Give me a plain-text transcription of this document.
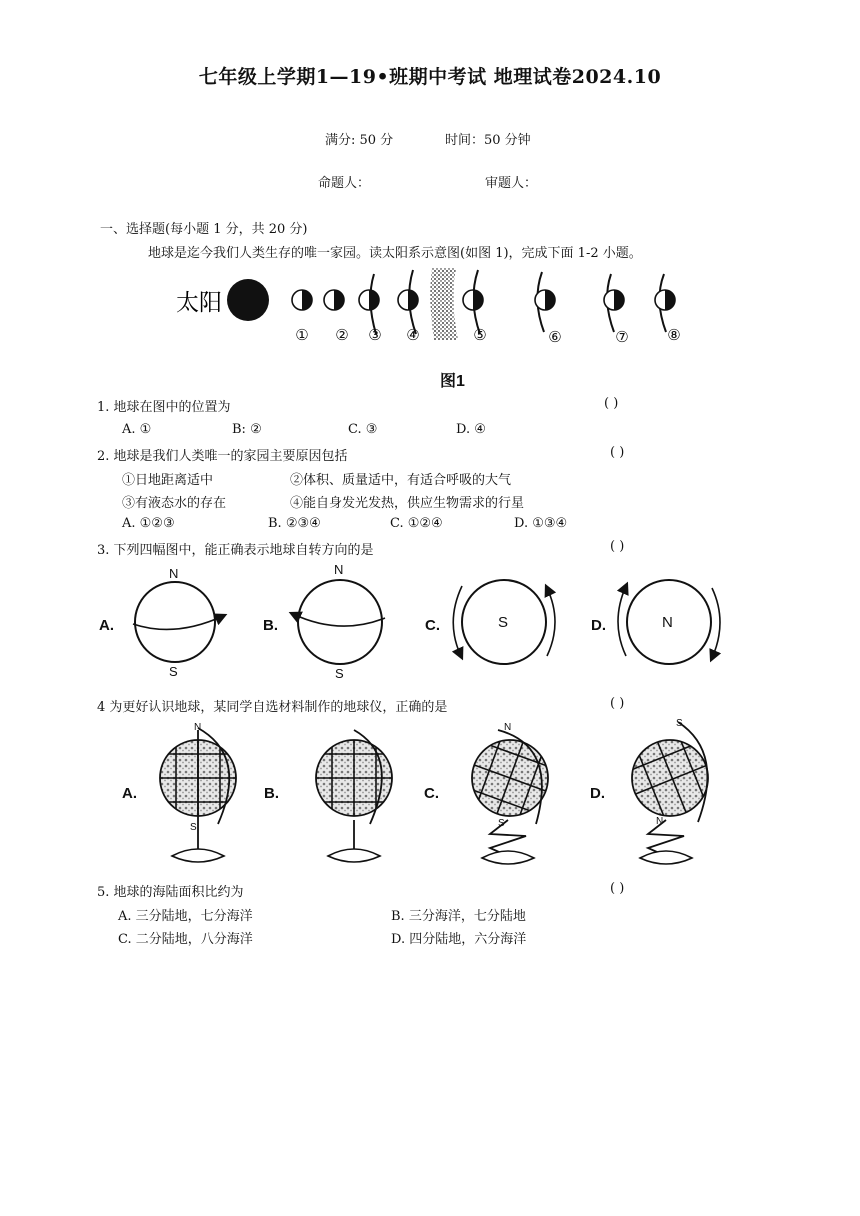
七年级上学期1—19•班期中考试 地理试卷2024.10
满分: 50 分	时间：50 分钟
命题人：	审题人：
一、选择题(每小题 1 分，共 20 分)
地球是迄今我们人类生存的唯一家园。读太阳系示意图(如图 1)，完成下面 1-2 小题。
太阳
① ② ③ ④	⑤	⑥	⑦	⑧
图1
1. 地球在图中的位置为	( )
A. ①	B: ②	C. ③	D. ④
2. 地球是我们人类唯一的家园主要原因包括	( )
①日地距离适中	②体积、质量适中，有适合呼吸的大气
③有液态水的存在	④能自身发光发热，供应生物需求的行星
A. ①②③	B. ②③④	C. ①②④	D. ①③④
3. 下列四幅图中，能正确表示地球自转方向的是	( )
A.
N
S
B.
N
S
C.	S	D.	N
4 为更好认识地球，某同学自选材料制作的地球仪，正确的是	( )
A.
N
S
B.	C.
N
S
D.
S
N
5. 地球的海陆面积比约为	( )
A. 三分陆地，七分海洋	B. 三分海洋，七分陆地
C. 二分陆地，八分海洋	D. 四分陆地，六分海洋
